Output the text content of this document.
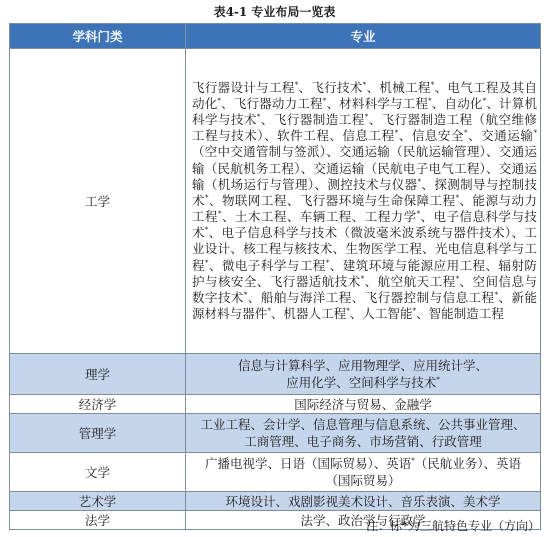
表4-1 专业布局一览表
学科门类	专业
工学	飞行器设计与工程*、飞行技术*、机械工程*、电气工程及其自动化*、飞行器动力工程*、材料科学与工程*、自动化*、计算机科学与技术*、飞行器制造工程*、飞行器制造工程（航空维修工程与技术）、软件工程、信息工程*、信息安全*、交通运输*（空中交通管制与签派）、交通运输（民航运输管理）、交通运输（民航机务工程）、交通运输（民航电子电气工程）、交通运输（机场运行与管理）、测控技术与仪器*、探测制导与控制技术*、物联网工程、飞行器环境与生命保障工程*、能源与动力工程*、土木工程、车辆工程、工程力学*、电子信息科学与技术*、电子信息科学与技术（微波毫米波系统与器件技术）、工业设计、核工程与核技术、生物医学工程、光电信息科学与工程*、微电子科学与工程*、建筑环境与能源应用工程、辐射防护与核安全、飞行器适航技术*、航空航天工程*、空间信息与数字技术*、船舶与海洋工程、飞行器控制与信息工程*、新能源材料与器件*、机器人工程*、人工智能*、智能制造工程
理学	信息与计算科学、应用物理学、应用统计学、
应用化学、空间科学与技术*

经济学	国际经济与贸易、金融学

管理学	工业工程、会计学、信息管理与信息系统、公共事业管理、
工商管理、电子商务、市场营销、行政管理

文学	广播电视学、日语（国际贸易）、英语*（民航业务）、英语
（国际贸易）

艺术学	环境设计、戏剧影视美术设计、音乐表演、美术学

法学	法学、政治学与行政学
注：标*为三航特色专业（方向）
